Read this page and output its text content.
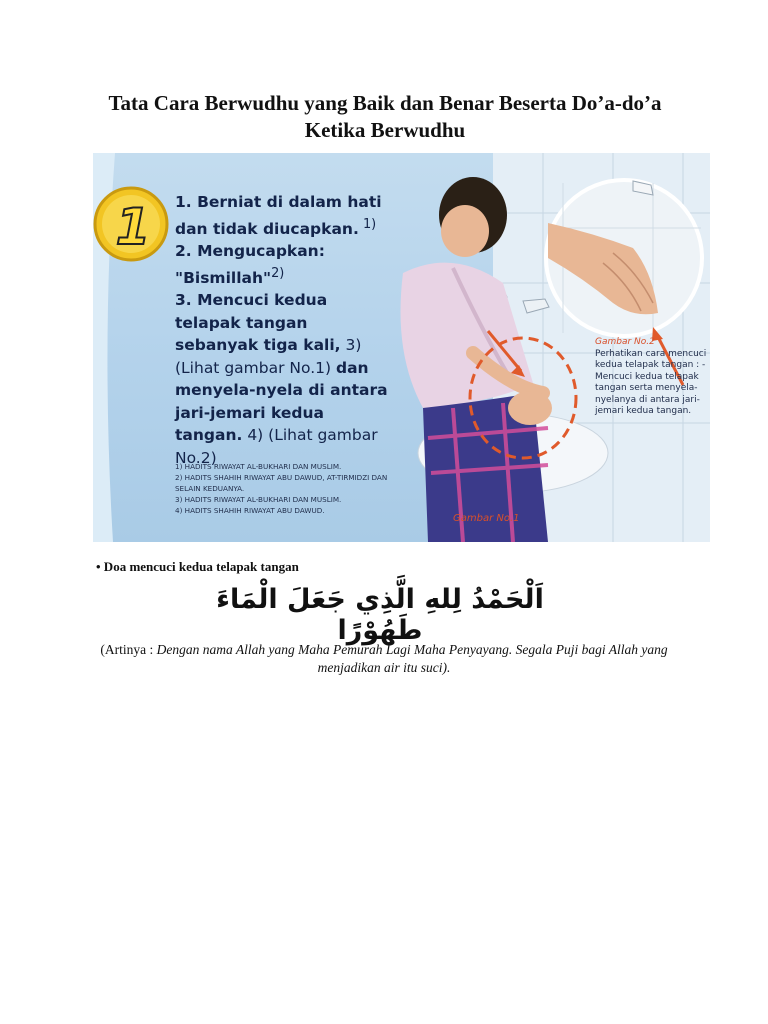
Tata Cara Berwudhu yang Baik dan Benar Beserta Do’a-do’a Ketika Berwudhu
1	1. Berniat di dalam hati dan tidak diucapkan. $^{1)}$
2. Mengucapkan: "Bismillah"$^{2)}$
3. Mencuci kedua telapak tangan sebanyak tiga kali, 3) (Lihat gambar No.1) dan menyela-nyela di antara jari-jemari kedua tangan. 4) (Lihat gambar No.2)
1) HADITS RIWAYAT AL-BUKHARI DAN MUSLIM.
2) HADITS SHAHIH RIWAYAT ABU DAWUD, AT-TIRMIDZI DAN SELAIN KEDUANYA.
3) HADITS RIWAYAT AL-BUKHARI DAN MUSLIM.
4) HADITS SHAHIH RIWAYAT ABU DAWUD.
Gambar No.2
Perhatikan cara mencuci kedua telapak tangan : - Mencuci kedua telapak tangan serta menyela-nyelanya di antara jari-jemari kedua tangan.
Gambar No.1
• Doa mencuci kedua telapak tangan
اَلْحَمْدُ لِلهِ الَّذِي جَعَلَ الْمَاءَ طَهُوْرًا
(Artinya : Dengan nama Allah yang Maha Pemurah Lagi Maha Penyayang. Segala Puji bagi Allah yang menjadikan air itu suci).
